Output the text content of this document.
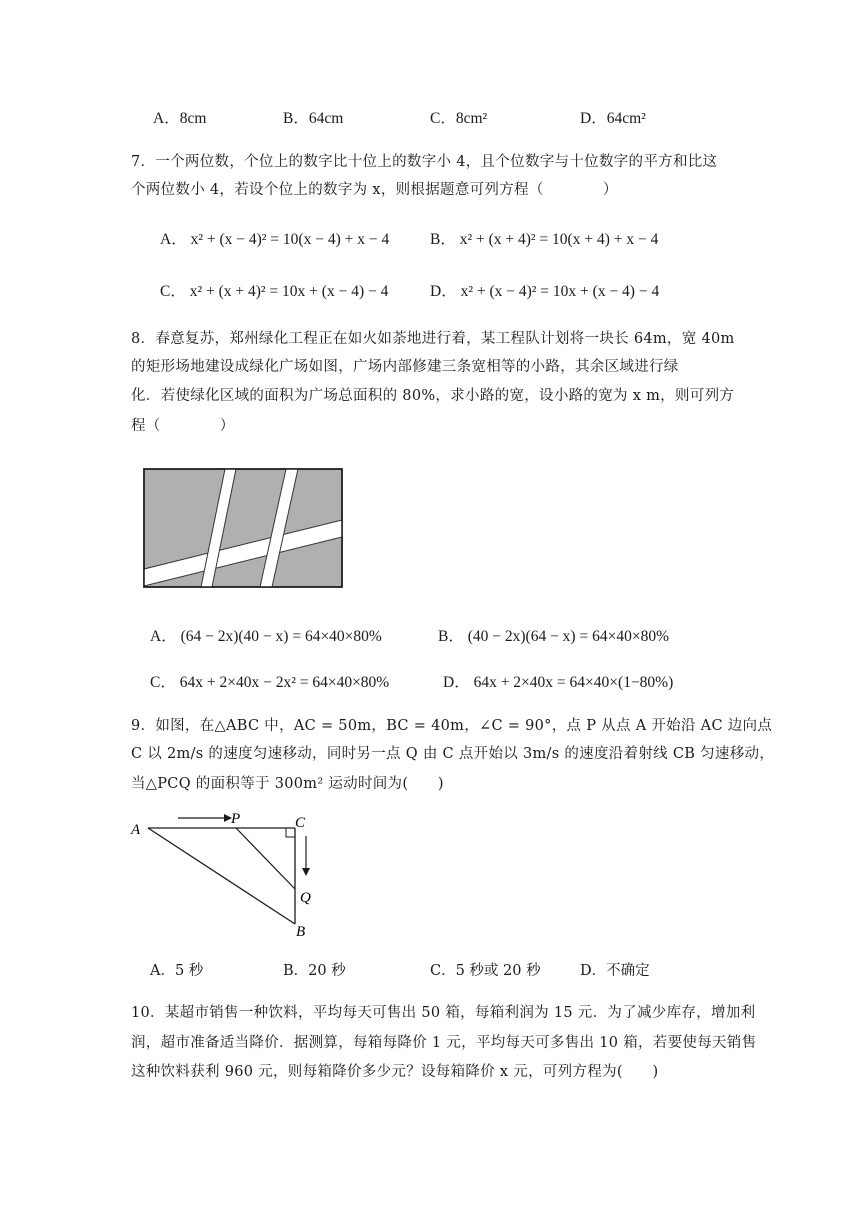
A．8cm	B．64cm	C．8cm²	D．64cm²
7．一个两位数，个位上的数字比十位上的数字小 4，且个位数字与十位数字的平方和比这
个两位数小 4，若设个位上的数字为 x，则根据题意可列方程（　　　　）
A． x² + (x − 4)² = 10(x − 4) + x − 4	B． x² + (x + 4)² = 10(x + 4) + x − 4
C． x² + (x + 4)² = 10x + (x − 4) − 4	D． x² + (x − 4)² = 10x + (x − 4) − 4
8．春意复苏，郑州绿化工程正在如火如荼地进行着，某工程队计划将一块长 64m，宽 40m
的矩形场地建设成绿化广场如图，广场内部修建三条宽相等的小路，其余区域进行绿
化．若使绿化区域的面积为广场总面积的 80%，求小路的宽，设小路的宽为 x m，则可列方
程（　　　　）
A． (64 − 2x)(40 − x) = 64×40×80%	B． (40 − 2x)(64 − x) = 64×40×80%
C． 64x + 2×40x − 2x² = 64×40×80%	D． 64x + 2×40x = 64×40×(1−80%)
9．如图，在△ABC 中，AC = 50m，BC = 40m，∠C = 90°，点 P 从点 A 开始沿 AC 边向点
C 以 2m/s 的速度匀速移动，同时另一点 Q 由 C 点开始以 3m/s 的速度沿着射线 CB 匀速移动，
当△PCQ 的面积等于 300m² 运动时间为(　　)
A
P	C
Q
B
A．5 秒	B．20 秒	C．5 秒或 20 秒	D．不确定
10．某超市销售一种饮料，平均每天可售出 50 箱，每箱利润为 15 元．为了减少库存，增加利
润，超市准备适当降价．据测算，每箱每降价 1 元，平均每天可多售出 10 箱，若要使每天销售
这种饮料获利 960 元，则每箱降价多少元？设每箱降价 x 元，可列方程为(　　)
